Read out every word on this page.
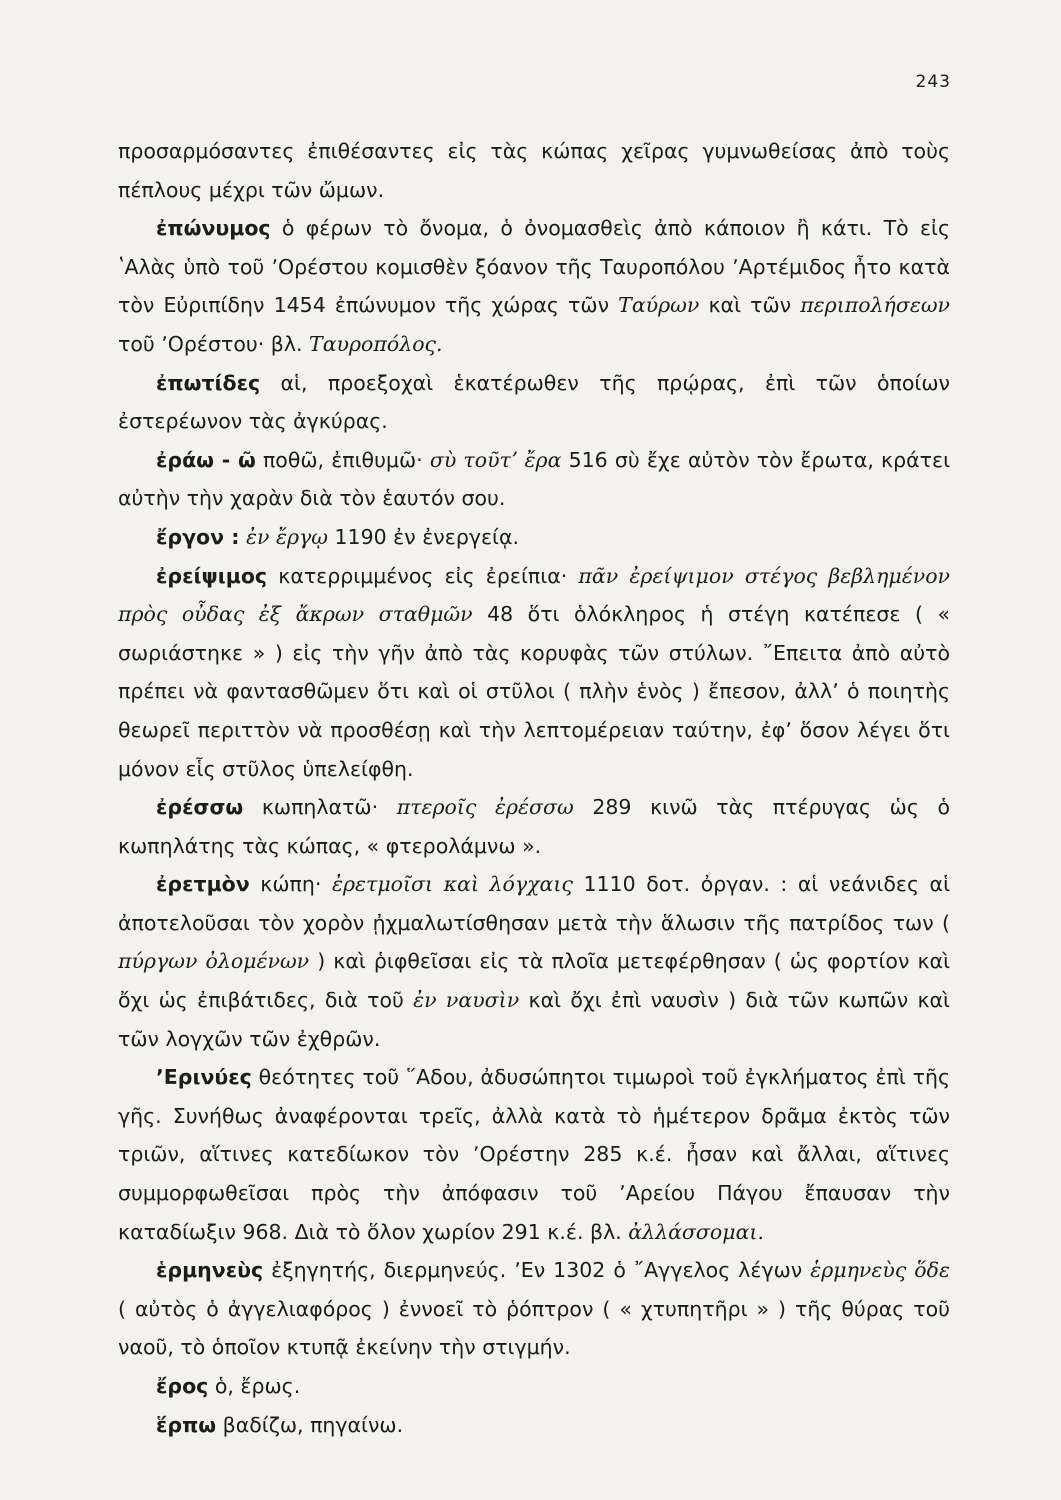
243

προσαρμόσαντες ἐπιθέσαντες εἰς τὰς κώπας χεῖρας γυμνωθείσας ἀπὸ τοὺς πέπλους μέχρι τῶν ὤμων.

ἐπώνυμος ὁ φέρων τὸ ὄνομα, ὁ ὀνομασθεὶς ἀπὸ κάποιον ἢ κάτι. Τὸ εἰς ʽΑλὰς ὑπὸ τοῦ ʼΟρέστου κομισθὲν ξόανον τῆς Ταυροπόλου ʼΑρτέμιδος ἦτο κατὰ τὸν Εὐριπίδην 1454 ἐπώνυμον τῆς χώρας τῶν Ταύρων καὶ τῶν περιπολήσεων τοῦ ʼΟρέστου· βλ. Ταυροπόλος.

ἐπωτίδες αἱ, προεξοχαὶ ἑκατέρωθεν τῆς πρῴρας, ἐπὶ τῶν ὁποίων ἐστερέωνον τὰς ἀγκύρας.

ἐράω - ῶ ποθῶ, ἐπιθυμῶ· σὺ τοῦτʼ ἔρα 516 σὺ ἔχε αὐτὸν τὸν ἔρωτα, κράτει αὐτὴν τὴν χαρὰν διὰ τὸν ἑαυτόν σου.

ἔργον : ἐν ἔργῳ 1190 ἐν ἐνεργείᾳ.

ἐρείψιμος κατερριμμένος εἰς ἐρείπια· πᾶν ἐρείψιμον στέγος βεβλημένον πρὸς οὖδας ἐξ ἄκρων σταθμῶν 48 ὅτι ὁλόκληρος ἡ στέγη κατέπεσε ( « σωριάστηκε » ) εἰς τὴν γῆν ἀπὸ τὰς κορυφὰς τῶν στύλων. ῎Επειτα ἀπὸ αὐτὸ πρέπει νὰ φαντασθῶμεν ὅτι καὶ οἱ στῦλοι ( πλὴν ἑνὸς ) ἔπεσον, ἀλλʼ ὁ ποιητὴς θεωρεῖ περιττὸν νὰ προσθέσῃ καὶ τὴν λεπτομέρειαν ταύτην, ἐφʼ ὅσον λέγει ὅτι μόνον εἷς στῦλος ὑπελείφθη.

ἐρέσσω κωπηλατῶ· πτεροῖς ἐρέσσω 289 κινῶ τὰς πτέρυγας ὡς ὁ κωπηλάτης τὰς κώπας, « φτερολάμνω ».

ἐρετμὸν κώπη· ἐρετμοῖσι καὶ λόγχαις 1110 δοτ. ὀργαν. : αἱ νεάνιδες αἱ ἀποτελοῦσαι τὸν χορὸν ᾐχμαλωτίσθησαν μετὰ τὴν ἅλωσιν τῆς πατρίδος των ( πύργων ὀλομένων ) καὶ ῥιφθεῖσαι εἰς τὰ πλοῖα μετεφέρθησαν ( ὡς φορτίον καὶ ὄχι ὡς ἐπιβάτιδες, διὰ τοῦ ἐν ναυσὶν καὶ ὄχι ἐπὶ ναυσὶν ) διὰ τῶν κωπῶν καὶ τῶν λογχῶν τῶν ἐχθρῶν.

ʼΕρινύες θεότητες τοῦ ῞Αδου, ἀδυσώπητοι τιμωροὶ τοῦ ἐγκλήματος ἐπὶ τῆς γῆς. Συνήθως ἀναφέρονται τρεῖς, ἀλλὰ κατὰ τὸ ἡμέτερον δρᾶμα ἐκτὸς τῶν τριῶν, αἵτινες κατεδίωκον τὸν ʼΟρέστην 285 κ.έ. ἦσαν καὶ ἄλλαι, αἵτινες συμμορφωθεῖσαι πρὸς τὴν ἀπόφασιν τοῦ ʼΑρείου Πάγου ἔπαυσαν τὴν καταδίωξιν 968. Διὰ τὸ ὅλον χωρίον 291 κ.έ. βλ. ἀλλάσσομαι.

ἑρμηνεὺς ἐξηγητής, διερμηνεύς. ʼΕν 1302 ὁ ῎Αγγελος λέγων ἑρμηνεὺς ὅδε ( αὐτὸς ὁ ἀγγελιαφόρος ) ἐννοεῖ τὸ ῥόπτρον ( « χτυπητῆρι » ) τῆς θύρας τοῦ ναοῦ, τὸ ὁποῖον κτυπᾷ ἐκείνην τὴν στιγμήν.

ἔρος ὁ, ἔρως.

ἕρπω βαδίζω, πηγαίνω.
